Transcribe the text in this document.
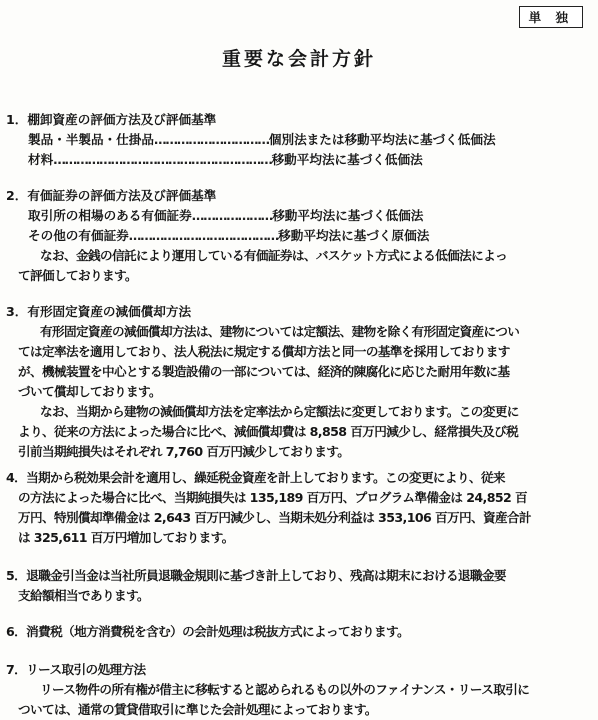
単 独
重要な会計方針
1．棚卸資産の評価方法及び評価基準
製品・半製品・仕掛品…………………………個別法または移動平均法に基づく低価法
材料…………………………………………………移動平均法に基づく低価法
2．有価証券の評価方法及び評価基準
取引所の相場のある有価証券…………………移動平均法に基づく低価法
その他の有価証券…………………………………移動平均法に基づく原価法
なお、金銭の信託により運用している有価証券は、バスケット方式による低価法によっ
て評価しております。
3．有形固定資産の減価償却方法
有形固定資産の減価償却方法は、建物については定額法、建物を除く有形固定資産につい
ては定率法を適用しており、法人税法に規定する償却方法と同一の基準を採用しております
が、機械装置を中心とする製造設備の一部については、経済的陳腐化に応じた耐用年数に基
づいて償却しております。
なお、当期から建物の減価償却方法を定率法から定額法に変更しております。この変更に
より、従来の方法によった場合に比べ、減価償却費は 8,858 百万円減少し、経常損失及び税
引前当期純損失はそれぞれ 7,760 百万円減少しております。
4．当期から税効果会計を適用し、繰延税金資産を計上しております。この変更により、従来
の方法によった場合に比べ、当期純損失は 135,189 百万円、プログラム準備金は 24,852 百
万円、特別償却準備金は 2,643 百万円減少し、当期未処分利益は 353,106 百万円、資産合計
は 325,611 百万円増加しております。
5．退職金引当金は当社所員退職金規則に基づき計上しており、残高は期末における退職金要
支給額相当であります。
6．消費税（地方消費税を含む）の会計処理は税抜方式によっております。
7．リース取引の処理方法
リース物件の所有権が借主に移転すると認められるもの以外のファイナンス・リース取引に
ついては、通常の賃貸借取引に準じた会計処理によっております。
